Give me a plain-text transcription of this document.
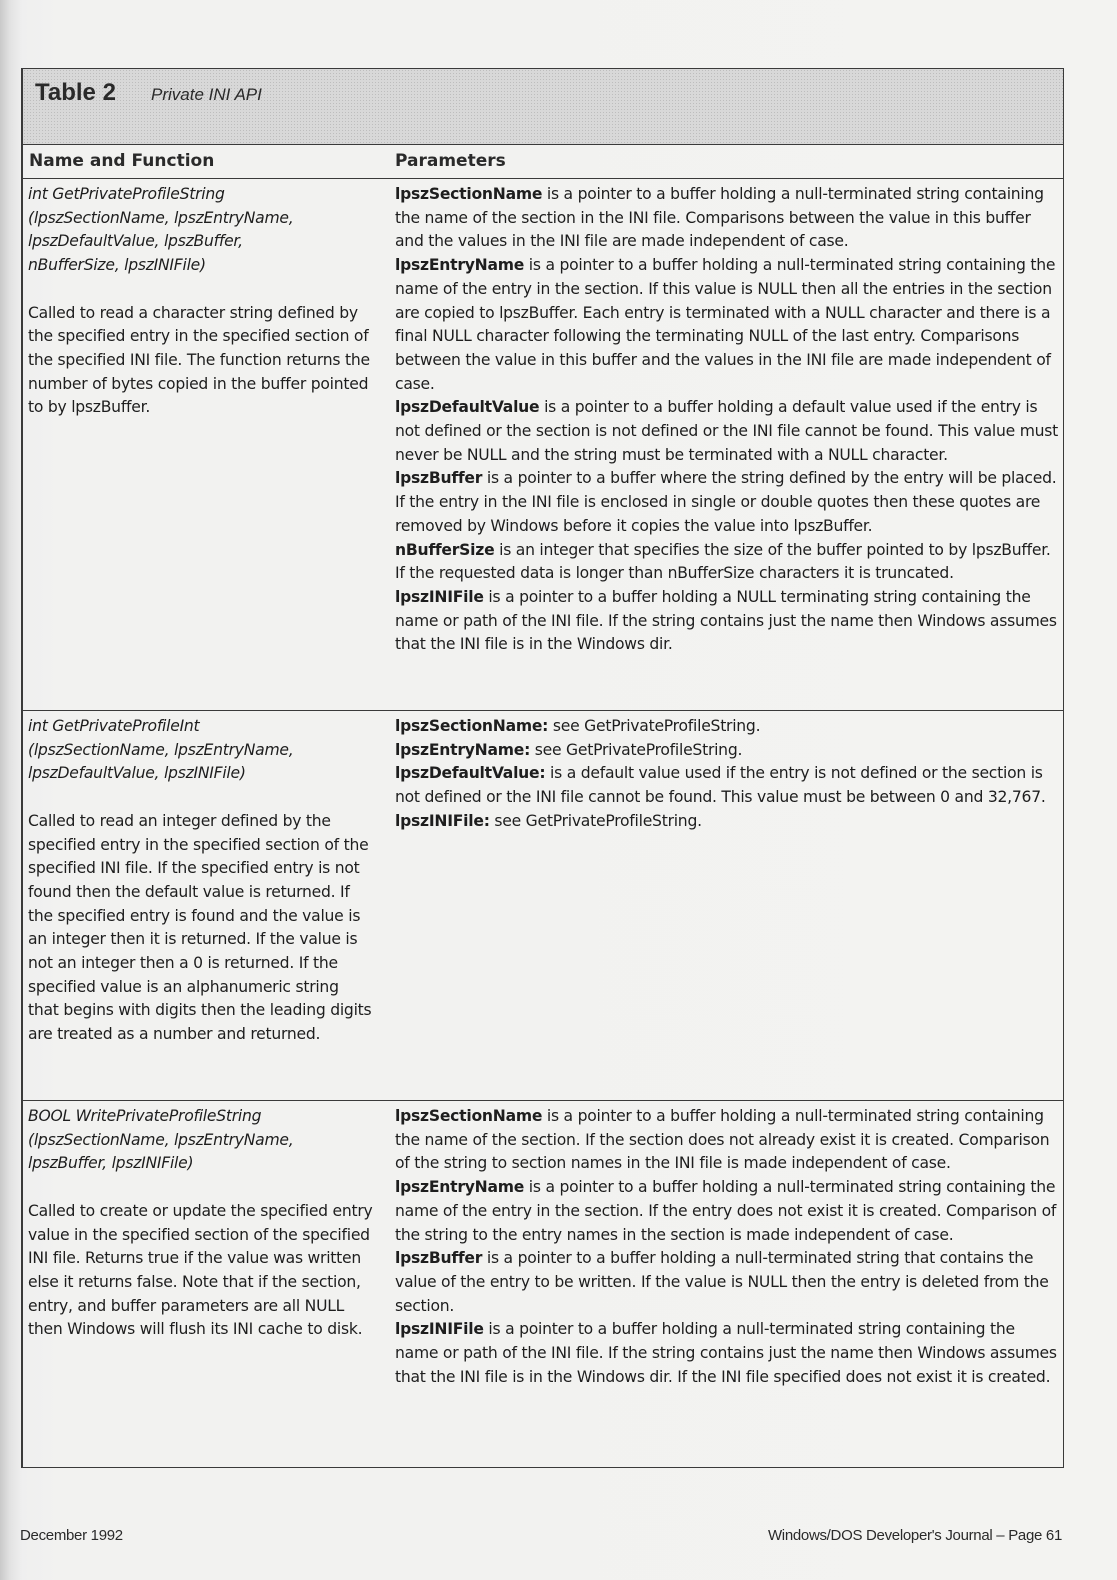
Table 2 Private INI API
Name and Function	Parameters

int GetPrivateProfileString
(lpszSectionName, lpszEntryName,
lpszDefaultValue, lpszBuffer,
nBufferSize, lpszINIFile)

Called to read a character string defined by the specified entry in the specified section of the specified INI file. The function returns the number of bytes copied in the buffer pointed to by lpszBuffer.

lpszSectionName is a pointer to a buffer holding a null-terminated string containing the name of the section in the INI file. Comparisons between the value in this buffer and the values in the INI file are made independent of case.

lpszEntryName is a pointer to a buffer holding a null-terminated string containing the name of the entry in the section. If this value is NULL then all the entries in the section are copied to lpszBuffer. Each entry is terminated with a NULL character and there is a final NULL character following the terminating NULL of the last entry. Comparisons between the value in this buffer and the values in the INI file are made independent of case.

lpszDefaultValue is a pointer to a buffer holding a default value used if the entry is not defined or the section is not defined or the INI file cannot be found. This value must never be NULL and the string must be terminated with a NULL character.

lpszBuffer is a pointer to a buffer where the string defined by the entry will be placed. If the entry in the INI file is enclosed in single or double quotes then these quotes are removed by Windows before it copies the value into lpszBuffer.

nBufferSize is an integer that specifies the size of the buffer pointed to by lpszBuffer. If the requested data is longer than nBufferSize characters it is truncated.

lpszINIFile is a pointer to a buffer holding a NULL terminating string containing the name or path of the INI file. If the string contains just the name then Windows assumes that the INI file is in the Windows dir.

int GetPrivateProfileInt
(lpszSectionName, lpszEntryName,
lpszDefaultValue, lpszINIFile)

Called to read an integer defined by the specified entry in the specified section of the specified INI file. If the specified entry is not found then the default value is returned. If the specified entry is found and the value is an integer then it is returned. If the value is not an integer then a 0 is returned. If the specified value is an alphanumeric string that begins with digits then the leading digits are treated as a number and returned.

lpszSectionName: see GetPrivateProfileString.

lpszEntryName: see GetPrivateProfileString.

lpszDefaultValue: is a default value used if the entry is not defined or the section is not defined or the INI file cannot be found. This value must be between 0 and 32,767.

lpszINIFile: see GetPrivateProfileString.

BOOL WritePrivateProfileString
(lpszSectionName, lpszEntryName,
lpszBuffer, lpszINIFile)

Called to create or update the specified entry value in the specified section of the specified INI file. Returns true if the value was written else it returns false. Note that if the section, entry, and buffer parameters are all NULL then Windows will flush its INI cache to disk.

lpszSectionName is a pointer to a buffer holding a null-terminated string containing the name of the section. If the section does not already exist it is created. Comparison of the string to section names in the INI file is made independent of case.

lpszEntryName is a pointer to a buffer holding a null-terminated string containing the name of the entry in the section. If the entry does not exist it is created. Comparison of the string to the entry names in the section is made independent of case.

lpszBuffer is a pointer to a buffer holding a null-terminated string that contains the value of the entry to be written. If the value is NULL then the entry is deleted from the section.

lpszINIFile is a pointer to a buffer holding a null-terminated string containing the name or path of the INI file. If the string contains just the name then Windows assumes that the INI file is in the Windows dir. If the INI file specified does not exist it is created.

December 1992	Windows/DOS Developer's Journal – Page 61
